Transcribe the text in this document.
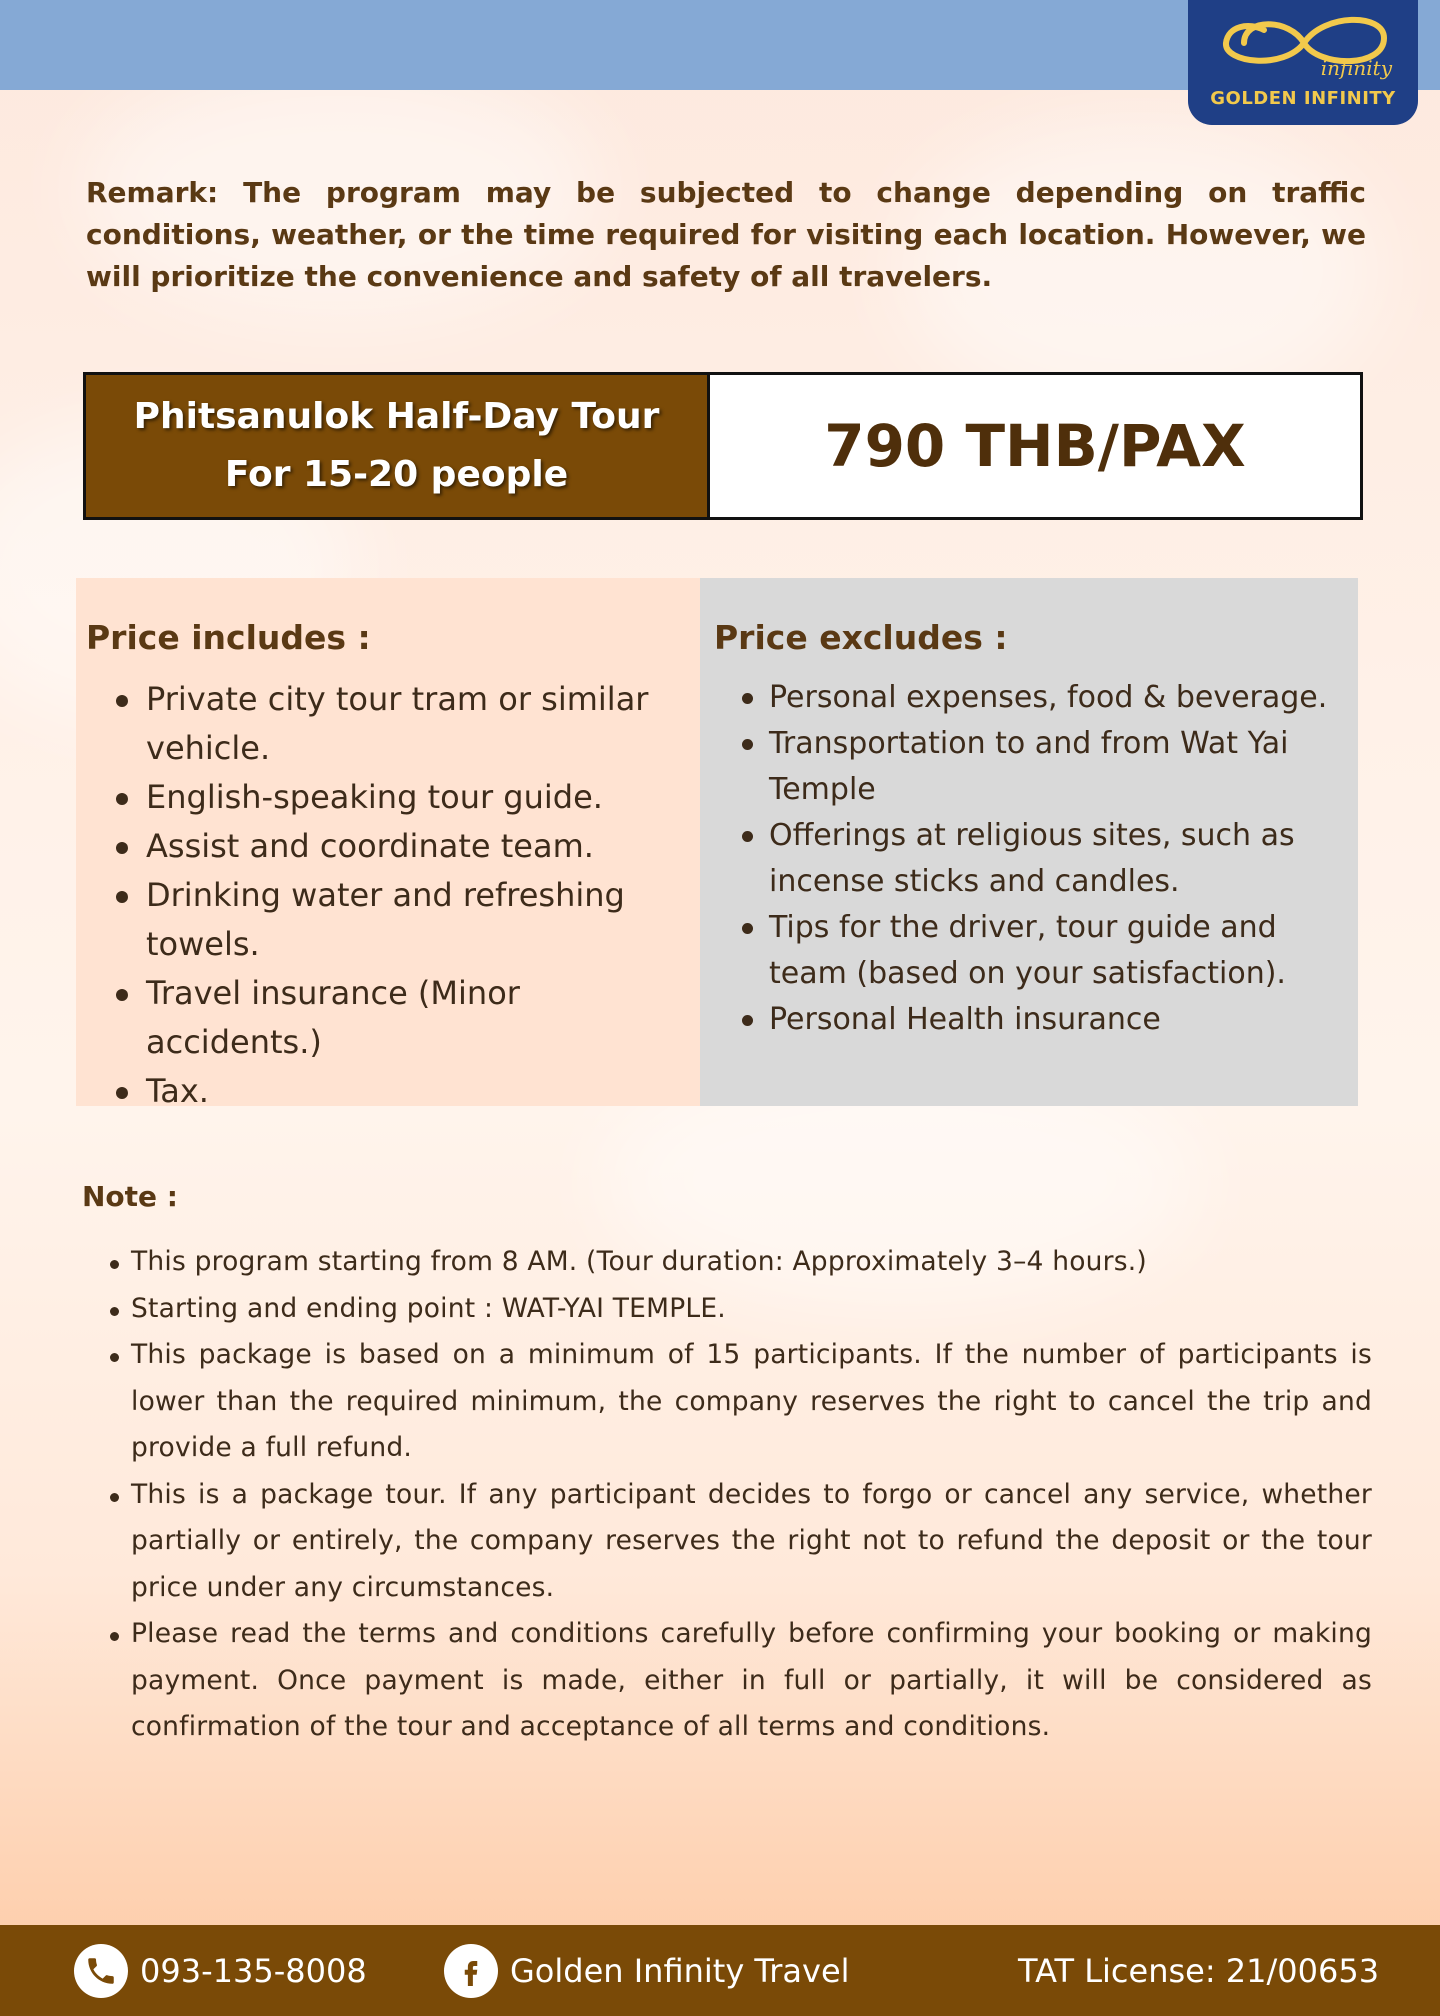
infinity
GOLDEN INFINITY

Remark: The program may be subjected to change depending on traffic conditions, weather, or the time required for visiting each location. However, we will prioritize the convenience and safety of all travelers.

Phitsanulok Half-Day Tour
For 15-20 people	790 THB/PAX
Price includes :
Private city tour tram or similar vehicle.
English-speaking tour guide.
Assist and coordinate team.
Drinking water and refreshing towels.
Travel insurance (Minor accidents.)
Tax.
Price excludes :
Personal expenses, food & beverage.
Transportation to and from Wat Yai Temple
Offerings at religious sites, such as incense sticks and candles.
Tips for the driver, tour guide and team (based on your satisfaction).
Personal Health insurance
Note :
This program starting from 8 AM. (Tour duration: Approximately 3–4 hours.)
Starting and ending point : WAT-YAI TEMPLE.
This package is based on a minimum of 15 participants. If the number of participants is lower than the required minimum, the company reserves the right to cancel the trip and provide a full refund.
This is a package tour. If any participant decides to forgo or cancel any service, whether partially or entirely, the company reserves the right not to refund the deposit or the tour price under any circumstances.
Please read the terms and conditions carefully before confirming your booking or making payment. Once payment is made, either in full or partially, it will be considered as confirmation of the tour and acceptance of all terms and conditions.
093-135-8008	Golden Infinity Travel	TAT License: 21/00653
